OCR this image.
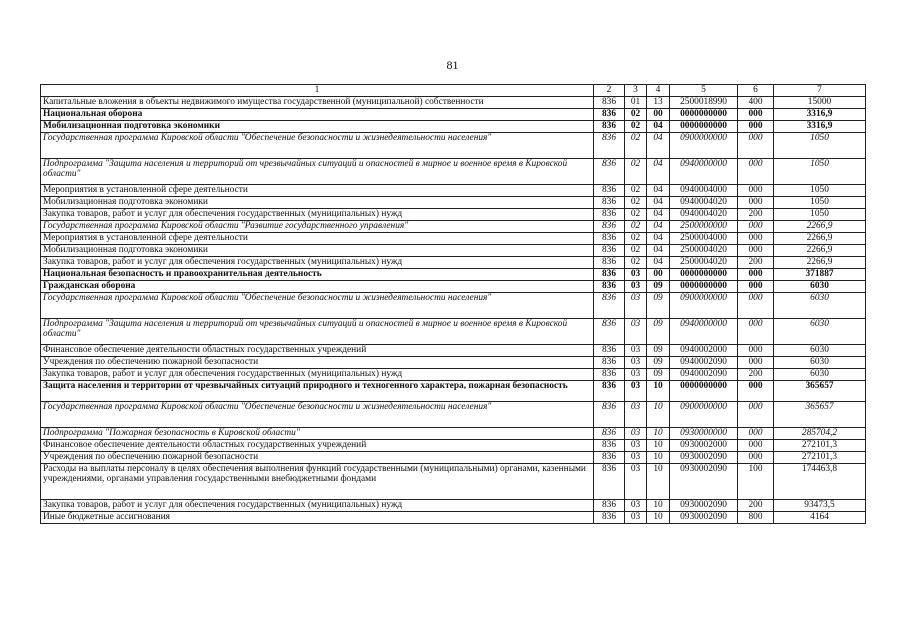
81
1	2	3	4	5	6	7
Капитальные вложения в объекты недвижимого имущества государственной (муниципальной) собственности	836	01	13	2500018990	400	15000
Национальная оборона	836	02	00	0000000000	000	3316,9
Мобилизационная подготовка экономики	836	02	04	0000000000	000	3316,9
Государственная программа Кировской области "Обеспечение безопасности и жизнедеятельности населения"	836	02	04	0900000000	000	1050
Подпрограмма "Защита населения и территорий от чрезвычайных ситуаций и опасностей в мирное и военное время в Кировской области"	836	02	04	0940000000	000	1050
Мероприятия в установленной сфере деятельности	836	02	04	0940004000	000	1050
Мобилизационная подготовка экономики	836	02	04	0940004020	000	1050
Закупка товаров, работ и услуг для обеспечения государственных (муниципальных) нужд	836	02	04	0940004020	200	1050
Государственная программа Кировской области "Развитие государственного управления"	836	02	04	2500000000	000	2266,9
Мероприятия в установленной сфере деятельности	836	02	04	2500004000	000	2266,9
Мобилизационная подготовка экономики	836	02	04	2500004020	000	2266,9
Закупка товаров, работ и услуг для обеспечения государственных (муниципальных) нужд	836	02	04	2500004020	200	2266,9
Национальная безопасность и правоохранительная деятельность	836	03	00	0000000000	000	371887
Гражданская оборона	836	03	09	0000000000	000	6030
Государственная программа Кировской области "Обеспечение безопасности и жизнедеятельности населения"	836	03	09	0900000000	000	6030
Подпрограмма "Защита населения и территорий от чрезвычайных ситуаций и опасностей в мирное и военное время в Кировской области"	836	03	09	0940000000	000	6030
Финансовое обеспечение деятельности областных государственных учреждений	836	03	09	0940002000	000	6030
Учреждения по обеспечению пожарной безопасности	836	03	09	0940002090	000	6030
Закупка товаров, работ и услуг для обеспечения государственных (муниципальных) нужд	836	03	09	0940002090	200	6030
Защита населения и территории от чрезвычайных ситуаций природного и техногенного характера, пожарная безопасность	836	03	10	0000000000	000	365657
Государственная программа Кировской области "Обеспечение безопасности и жизнедеятельности населения"	836	03	10	0900000000	000	365657
Подпрограмма "Пожарная безопасность в Кировской области"	836	03	10	0930000000	000	285704,2
Финансовое обеспечение деятельности областных государственных учреждений	836	03	10	0930002000	000	272101,3
Учреждения по обеспечению пожарной безопасности	836	03	10	0930002090	000	272101,3
Расходы на выплаты персоналу в целях обеспечения выполнения функций государственными (муниципальными) органами, казенными учреждениями, органами управления государственными внебюджетными фондами	836	03	10	0930002090	100	174463,8
Закупка товаров, работ и услуг для обеспечения государственных (муниципальных) нужд	836	03	10	0930002090	200	93473,5
Иные бюджетные ассигнования	836	03	10	0930002090	800	4164
